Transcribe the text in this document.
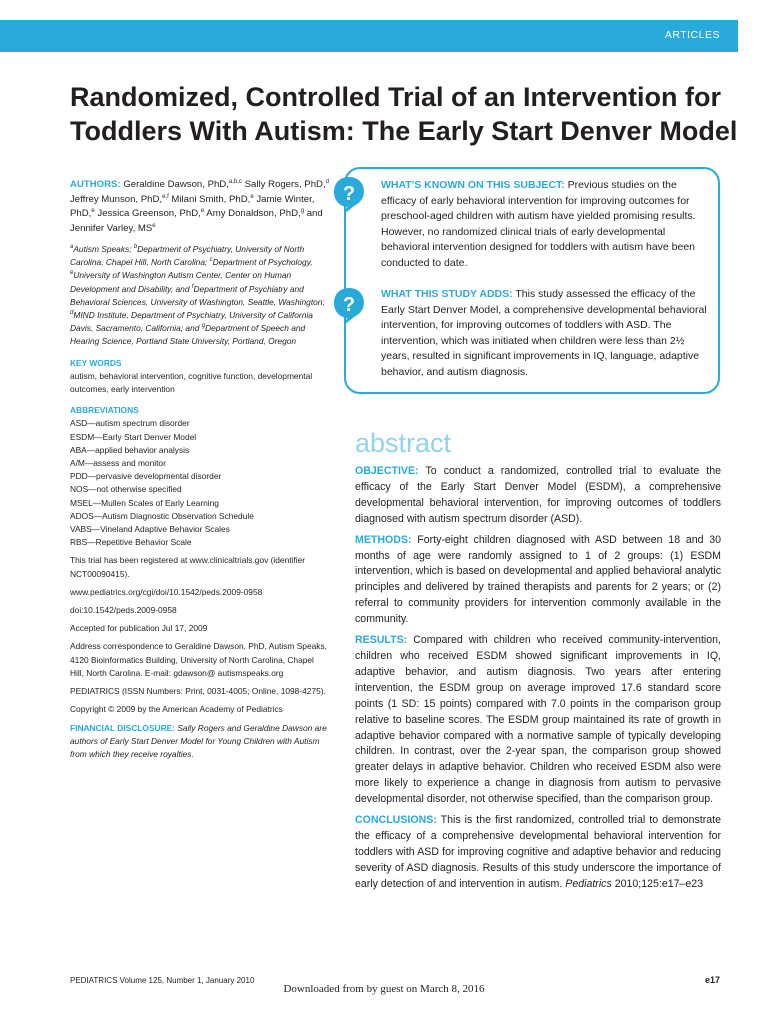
ARTICLES
Randomized, Controlled Trial of an Intervention for
Toddlers With Autism: The Early Start Denver Model
AUTHORS: Geraldine Dawson, PhD,$^{a,b,c}$ Sally Rogers, PhD,$^d$ Jeffrey Munson, PhD,$^{e,f}$ Milani Smith, PhD,$^e$ Jamie Winter, PhD,$^e$ Jessica Greenson, PhD,$^e$ Amy Donaldson, PhD,$^g$ and Jennifer Varley, $MS^e$
$^a$Autism Speaks; $^b$Department of Psychiatry, University of North Carolina, Chapel Hill, North Carolina; $^c$Department of Psychology, $^e$University of Washington Autism Center, Center on Human Development and Disability, and $^f$Department of Psychiatry and Behavioral Sciences, University of Washington, Seattle, Washington; $^d$MIND Institute, Department of Psychiatry, University of California Davis, Sacramento, California; and $^g$Department of Speech and Hearing Science, Portland State University, Portland, Oregon
KEY WORDS
autism, behavioral intervention, cognitive function, developmental outcomes, early intervention
ABBREVIATIONS
ASD—autism spectrum disorder
ESDM—Early Start Denver Model
ABA—applied behavior analysis
A/M—assess and monitor
PDD—pervasive developmental disorder
NOS—not otherwise specified
MSEL—Mullen Scales of Early Learning
ADOS—Autism Diagnostic Observation Schedule
VABS—Vineland Adaptive Behavior Scales
RBS—Repetitive Behavior Scale
This trial has been registered at www.clinicaltrials.gov (identifier NCT00090415).
www.pediatrics.org/cgi/doi/10.1542/peds.2009-0958
doi:10.1542/peds.2009-0958
Accepted for publication Jul 17, 2009
Address correspondence to Geraldine Dawson, PhD, Autism Speaks, 4120 Bioinformatics Building, University of North Carolina, Chapel Hill, North Carolina. E-mail: gdawson@ autismspeaks.org
PEDIATRICS (ISSN Numbers: Print, 0031-4005; Online, 1098-4275).
Copyright © 2009 by the American Academy of Pediatrics
FINANCIAL DISCLOSURE: Sally Rogers and Geraldine Dawson are authors of Early Start Denver Model for Young Children with Autism from which they receive royalties.
?
?
WHAT'S KNOWN ON THIS SUBJECT: Previous studies on the efficacy of early behavioral intervention for improving outcomes for preschool-aged children with autism have yielded promising results. However, no randomized clinical trials of early developmental behavioral intervention designed for toddlers with autism have been conducted to date.
WHAT THIS STUDY ADDS: This study assessed the efficacy of the Early Start Denver Model, a comprehensive developmental behavioral intervention, for improving outcomes of toddlers with ASD. The intervention, which was initiated when children were less than 2½ years, resulted in significant improvements in IQ, language, adaptive behavior, and autism diagnosis.
abstract

OBJECTIVE: To conduct a randomized, controlled trial to evaluate the efficacy of the Early Start Denver Model (ESDM), a comprehensive developmental behavioral intervention, for improving outcomes of toddlers diagnosed with autism spectrum disorder (ASD).

METHODS: Forty-eight children diagnosed with ASD between 18 and 30 months of age were randomly assigned to 1 of 2 groups: (1) ESDM intervention, which is based on developmental and applied behavioral analytic principles and delivered by trained therapists and parents for 2 years; or (2) referral to community providers for intervention commonly available in the community.

RESULTS: Compared with children who received community-intervention, children who received ESDM showed significant improvements in IQ, adaptive behavior, and autism diagnosis. Two years after entering intervention, the ESDM group on average improved 17.6 standard score points (1 SD: 15 points) compared with 7.0 points in the comparison group relative to baseline scores. The ESDM group maintained its rate of growth in adaptive behavior compared with a normative sample of typically developing children. In contrast, over the 2-year span, the comparison group showed greater delays in adaptive behavior. Children who received ESDM also were more likely to experience a change in diagnosis from autism to pervasive developmental disorder, not otherwise specified, than the comparison group.

CONCLUSIONS: This is the first randomized, controlled trial to demonstrate the efficacy of a comprehensive developmental behavioral intervention for toddlers with ASD for improving cognitive and adaptive behavior and reducing severity of ASD diagnosis. Results of this study underscore the importance of early detection of and intervention in autism. Pediatrics 2010;125:e17–e23

PEDIATRICS Volume 125, Number 1, January 2010	e17
Downloaded from by guest on March 8, 2016
